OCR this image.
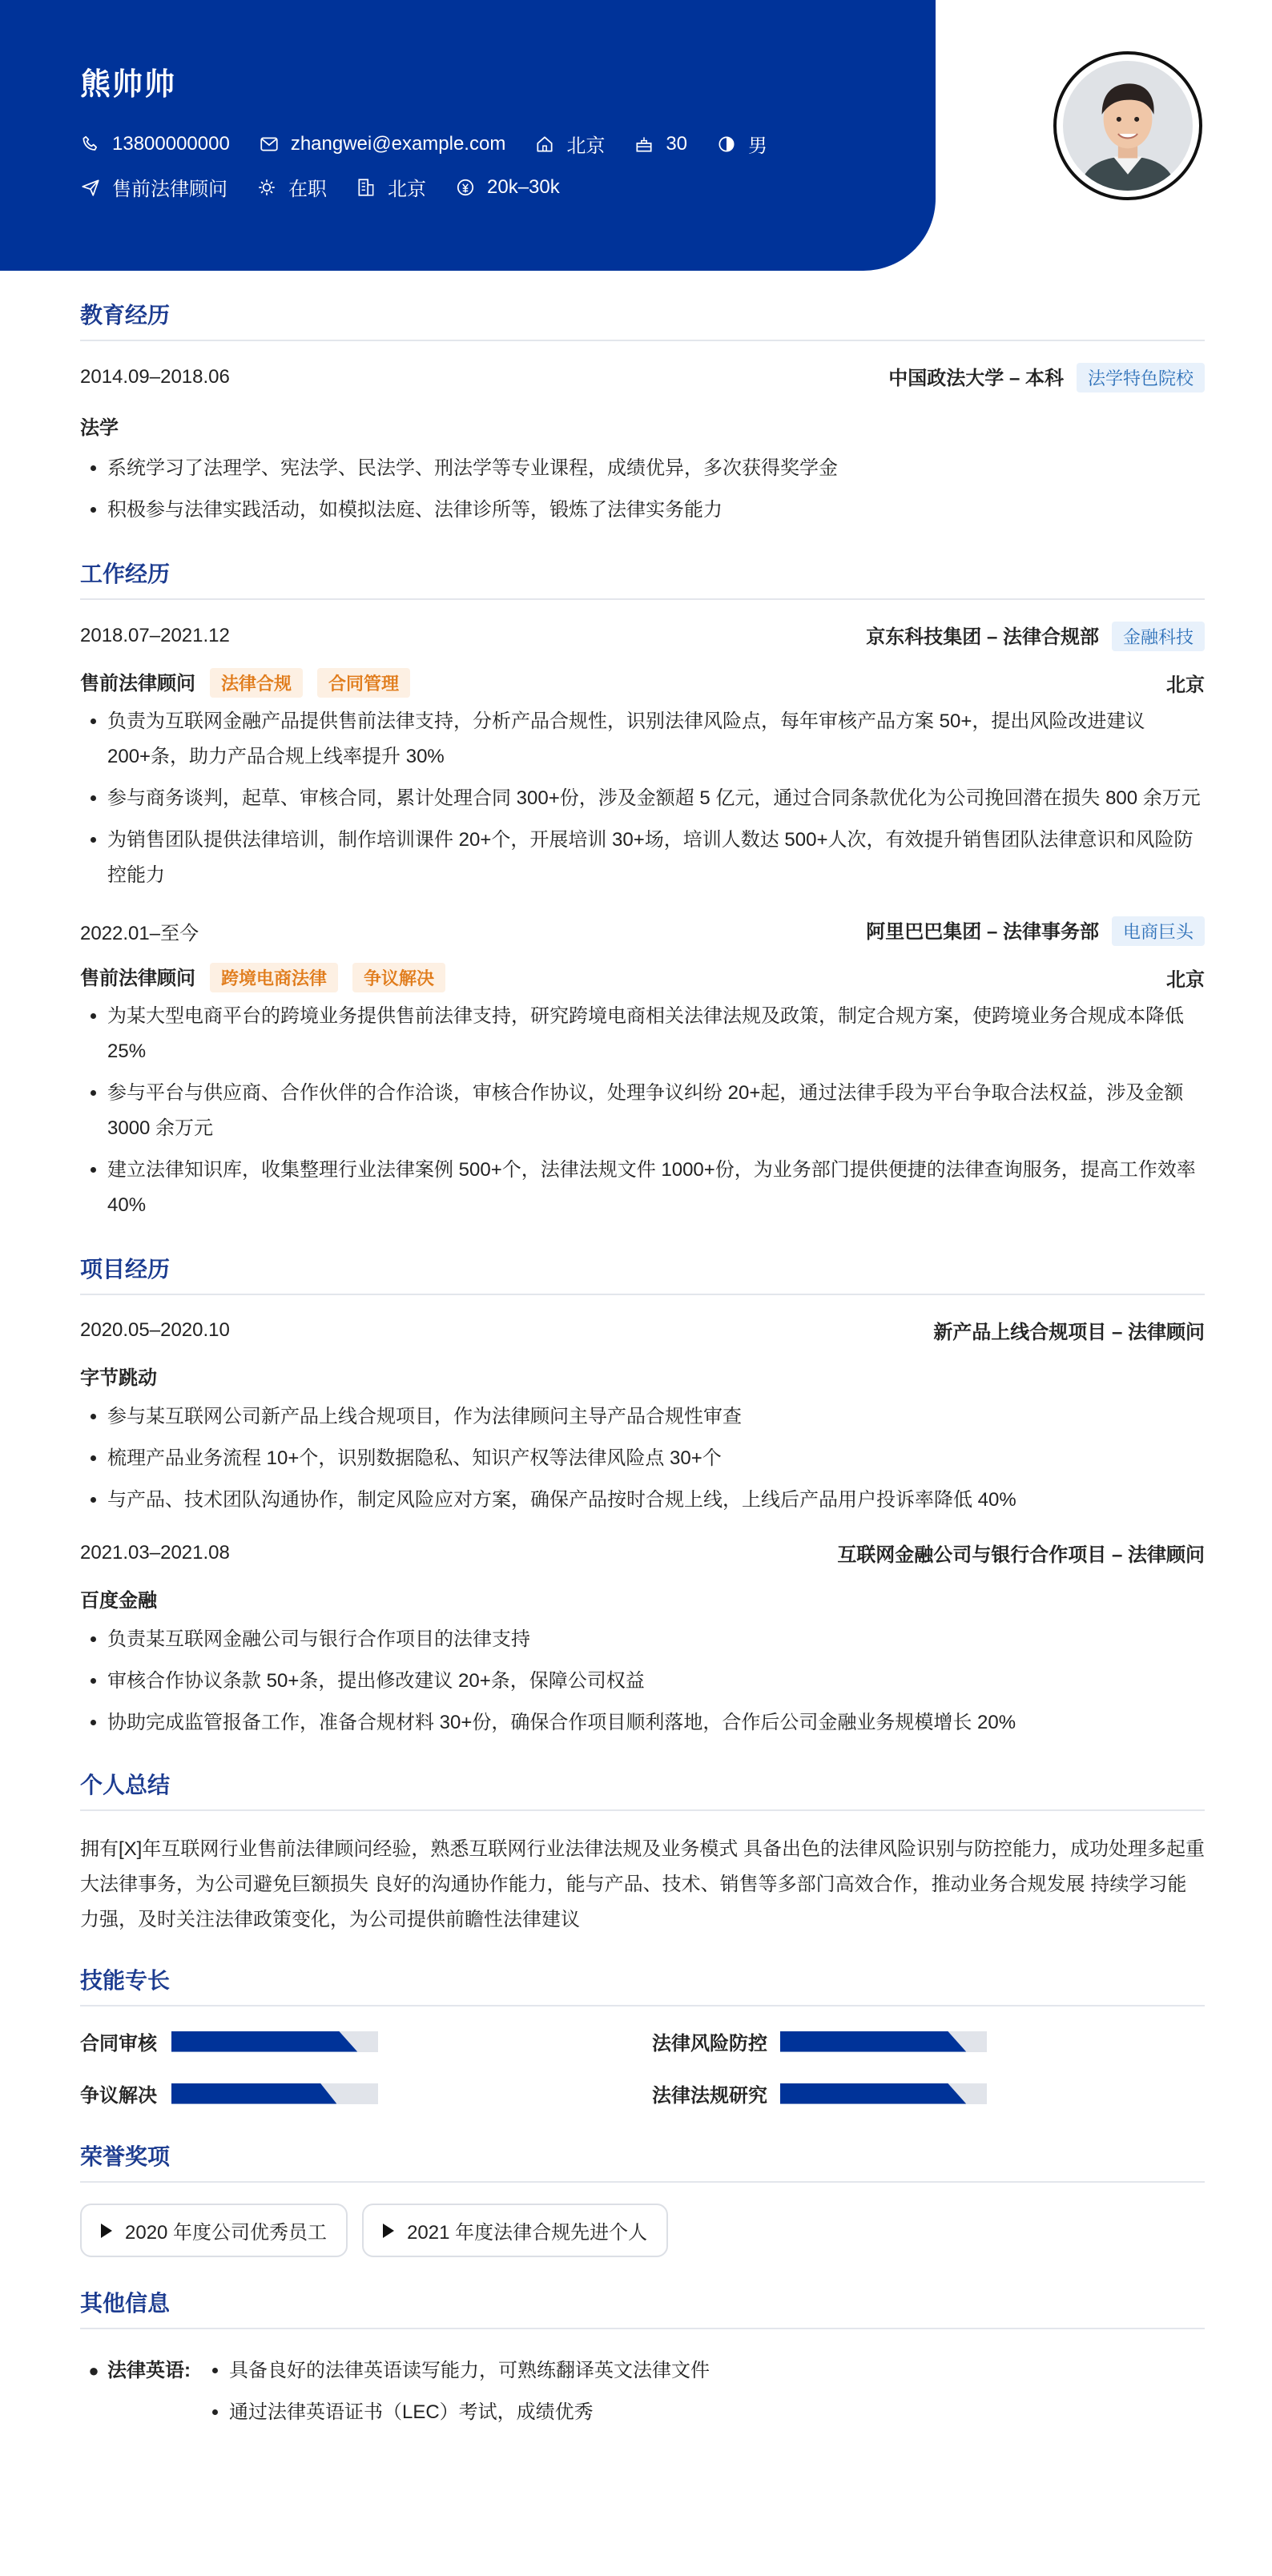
熊帅帅
13800000000	zhangwei@example.com	北京	30	男
售前法律顾问	在职	北京	20k–30k
教育经历
2014.09–2018.06	中国政法大学 – 本科 法学特色院校
法学
• 系统学习了法理学、宪法学、民法学、刑法学等专业课程，成绩优异，多次获得奖学金
• 积极参与法律实践活动，如模拟法庭、法律诊所等，锻炼了法律实务能力
工作经历
2018.07–2021.12	京东科技集团 – 法律合规部 金融科技
售前法律顾问 法律合规 合同管理	北京
• 负责为互联网金融产品提供售前法律支持，分析产品合规性，识别法律风险点，每年审核产品方案 50+，提出风险改进建议 200+条，助力产品合规上线率提升 30%
• 参与商务谈判，起草、审核合同，累计处理合同 300+份，涉及金额超 5 亿元，通过合同条款优化为公司挽回潜在损失 800 余万元
• 为销售团队提供法律培训，制作培训课件 20+个，开展培训 30+场，培训人数达 500+人次，有效提升销售团队法律意识和风险防控能力
2022.01–至今	阿里巴巴集团 – 法律事务部 电商巨头
售前法律顾问 跨境电商法律 争议解决	北京
• 为某大型电商平台的跨境业务提供售前法律支持，研究跨境电商相关法律法规及政策，制定合规方案，使跨境业务合规成本降低 25%
• 参与平台与供应商、合作伙伴的合作洽谈，审核合作协议，处理争议纠纷 20+起，通过法律手段为平台争取合法权益，涉及金额 3000 余万元
• 建立法律知识库，收集整理行业法律案例 500+个，法律法规文件 1000+份，为业务部门提供便捷的法律查询服务，提高工作效率 40%
项目经历
2020.05–2020.10	新产品上线合规项目 – 法律顾问
字节跳动
• 参与某互联网公司新产品上线合规项目，作为法律顾问主导产品合规性审查
• 梳理产品业务流程 10+个，识别数据隐私、知识产权等法律风险点 30+个
• 与产品、技术团队沟通协作，制定风险应对方案，确保产品按时合规上线，上线后产品用户投诉率降低 40%
2021.03–2021.08	互联网金融公司与银行合作项目 – 法律顾问
百度金融
• 负责某互联网金融公司与银行合作项目的法律支持
• 审核合作协议条款 50+条，提出修改建议 20+条，保障公司权益
• 协助完成监管报备工作，准备合规材料 30+份，确保合作项目顺利落地，合作后公司金融业务规模增长 20%
个人总结
拥有[X]年互联网行业售前法律顾问经验，熟悉互联网行业法律法规及业务模式 具备出色的法律风险识别与防控能力，成功处理多起重大法律事务，为公司避免巨额损失 良好的沟通协作能力，能与产品、技术、销售等多部门高效合作，推动业务合规发展 持续学习能力强，及时关注法律政策变化，为公司提供前瞻性法律建议
技能专长
合同审核	法律风险防控
争议解决	法律法规研究
荣誉奖项
2020 年度公司优秀员工	2021 年度法律合规先进个人
其他信息
● 法律英语:
• 具备良好的法律英语读写能力，可熟练翻译英文法律文件
• 通过法律英语证书（LEC）考试，成绩优秀
